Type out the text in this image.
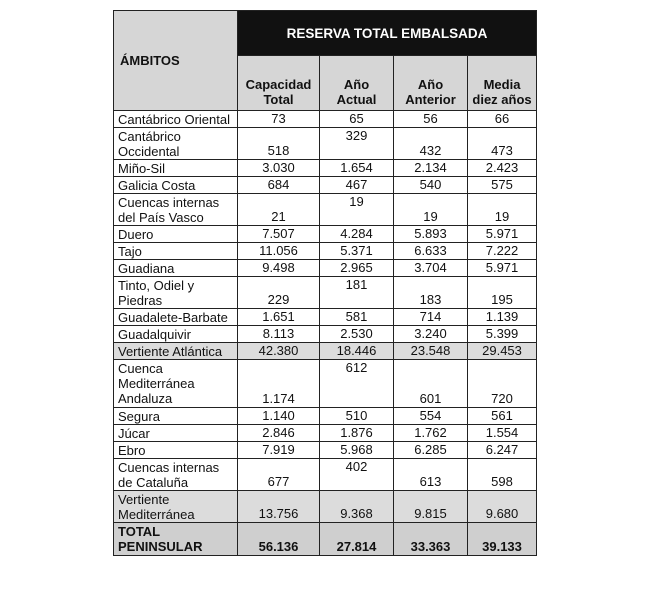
ÁMBITOS	RESERVA TOTAL EMBALSADA			
	Capacidad Total	Año Actual	Año Anterior	Media diez años
Cantábrico Oriental	73	65	56	66
Cantábrico Occidental	518	329	432	473
Miño-Sil	3.030	1.654	2.134	2.423
Galicia Costa	684	467	540	575
Cuencas internas del País Vasco	21	19	19	19
Duero	7.507	4.284	5.893	5.971
Tajo	11.056	5.371	6.633	7.222
Guadiana	9.498	2.965	3.704	5.971
Tinto, Odiel y Piedras	229	181	183	195
Guadalete-Barbate	1.651	581	714	1.139
Guadalquivir	8.113	2.530	3.240	5.399
Vertiente Atlántica	42.380	18.446	23.548	29.453
Cuenca Mediterránea Andaluza	1.174	612	601	720
Segura	1.140	510	554	561
Júcar	2.846	1.876	1.762	1.554
Ebro	7.919	5.968	6.285	6.247
Cuencas internas de Cataluña	677	402	613	598
Vertiente Mediterránea	13.756	9.368	9.815	9.680
TOTAL PENINSULAR	56.136	27.814	33.363	39.133
